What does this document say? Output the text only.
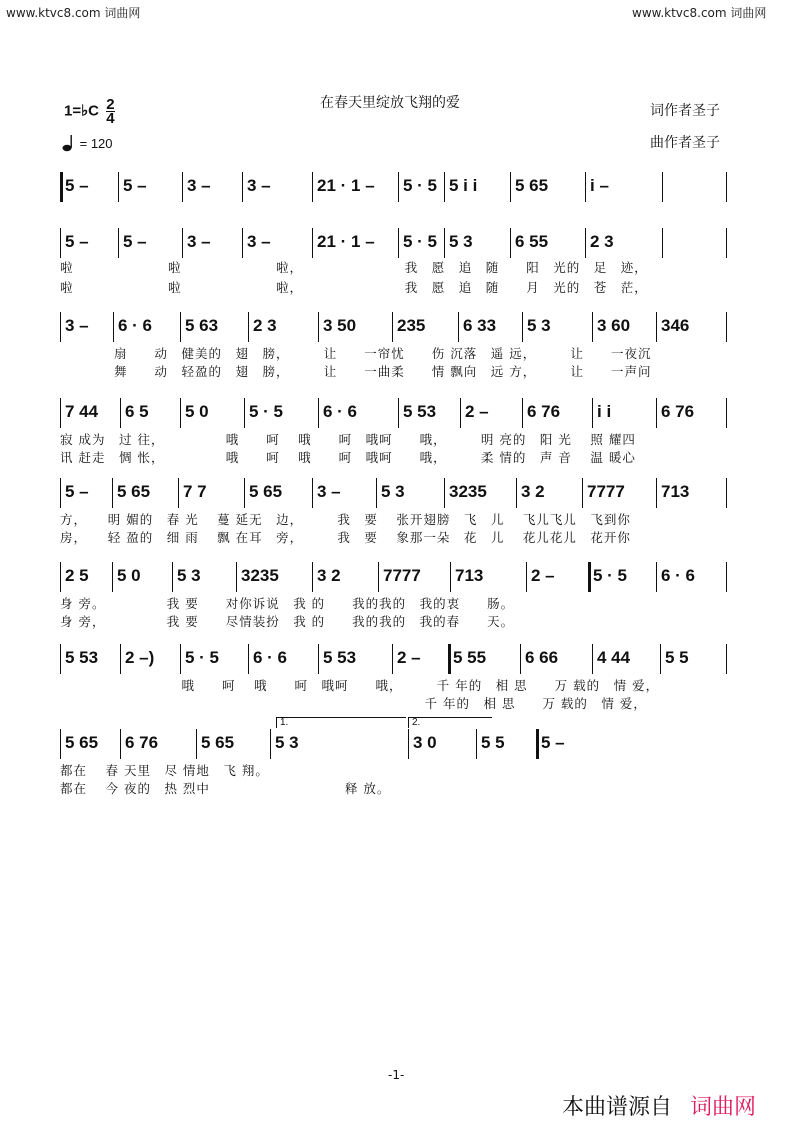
www.ktvc8.com 词曲网	www.ktvc8.com 词曲网
在春天里绽放飞翔的爱	词作者圣子
曲作者圣子
1=♭C $\frac{2}{4}$
= 120
5 – 5 – 3 – 3 –	21 · 1 – 5 · 5 5 i i 5 65 i –
5 – 5 – 3 – 3 –	21 · 1 – 5 · 5 5 3 6 55 2 3
啦　　　　　　　啦　　　　　　　啦，　　　　　　　　我　愿　追　随　　阳　光的　足　迹，
啦　　　　　　　啦　　　　　　　啦，　　　　　　　　我　愿　追　随　　月　光的　苍　茫，
3 – 6 · 6 5 63 2 3	3 50 235 6 33 5 3	3 60 346
　　　　扇　　动　健美的　翅　膀，　　　让　　一帘忧　　伤 沉落　遥 远，　　　让　　一夜沉
　　　　舞　　动　轻盈的　翅　膀，　　　让　　一曲柔　　情 飘向　远 方，　　　让　　一声问
7 44 6 5 5 0 5 · 5 6 · 6	5 53 2 – 6 76 i i	6 76
寂 成为　过 往，　　　　　哦　　呵　 哦　　呵　哦呵　　哦，　　　明 亮的　阳 光　 照 耀四
讯 赶走　惆 怅，　　　　　哦　　呵　 哦　　呵　哦呵　　哦，　　　柔 情的　声 音　 温 暖心
5 – 5 65 7 7 5 65 3 – 5 3	3235 3 2 7777 713
方，　　明 媚的　春 光　 蔓 延无　边，　　　我　要　 张开翅膀　飞　儿　 飞儿飞儿　飞到你
房，　　轻 盈的　细 雨　 飘 在耳　旁，　　　我　要　 象那一朵　花　儿　 花儿花儿　花开你
2 5 5 0 5 3 3235 3 2 7777 713	2 – 5 · 5 6 · 6
身 旁。　　　　　我 要　　对你诉说　我 的　　我的我的　我的衷　　肠。
身 旁，　　　　　我 要　　尽情装扮　我 的　　我的我的　我的春　　天。
5 53 2 –) 5 · 5 6 · 6 5 53 2 – 5 55 6 66 4 44 5 5
　　　　　　　　　哦　　呵　 哦　　呵　哦呵　　哦，　　　千 年的　相 思　　万 载的　情 爱，
　　　　　　　　　　　　　　　　　　　　　　　　　　　千 年的　相 思　　万 载的　情 爱，
5 65 6 76	5 65 5 3	3 0	5 5 5 –
都在　 春 天里　尽 情地　飞 翔。
都在　 今 夜的　热 烈中　　　　　　　　　　释 放。
1.	2.
-1-
本曲谱源自 词曲网
